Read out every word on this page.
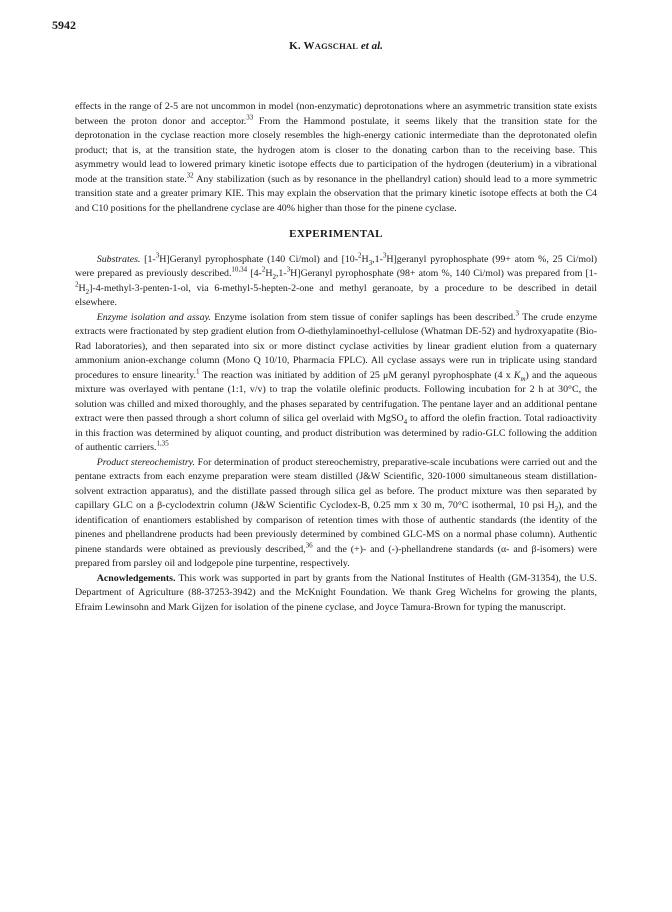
5942
K. WAGSCHAL et al.

effects in the range of 2-5 are not uncommon in model (non-enzymatic) deprotonations where an asymmetric transition state exists between the proton donor and acceptor.$^{33}$ From the Hammond postulate, it seems likely that the transition state for the deprotonation in the cyclase reaction more closely resembles the high-energy cationic intermediate than the deprotonated olefin product; that is, at the transition state, the hydrogen atom is closer to the donating carbon than to the receiving base. This asymmetry would lead to lowered primary kinetic isotope effects due to participation of the hydrogen (deuterium) in a vibrational mode at the transition state.$^{32}$ Any stabilization (such as by resonance in the phellandryl cation) should lead to a more symmetric transition state and a greater primary KIE. This may explain the observation that the primary kinetic isotope effects at both the C4 and C10 positions for the phellandrene cyclase are 40% higher than those for the pinene cyclase.

EXPERIMENTAL

Substrates. [1-$^3$H]Geranyl pyrophosphate (140 Ci/mol) and $[10-^2H_3,1-^3H]geranyl$ pyrophosphate (99+ atom %, 25 Ci/mol) were prepared as previously described.$^{10,34}$ $[4-^2H_2,1-^3H]Geranyl$ pyrophosphate (98+ atom %, 140 Ci/mol) was prepared from $[1-^2H_2]-4-methyl-3-penten-1-ol$, via 6-methyl-5-hepten-2-one and methyl geranoate, by a procedure to be described in detail elsewhere.

Enzyme isolation and assay. Enzyme isolation from stem tissue of conifer saplings has been described.$^3$ The crude enzyme extracts were fractionated by step gradient elution from O-diethylaminoethyl-cellulose (Whatman DE-52) and hydroxyapatite (Bio-Rad laboratories), and then separated into six or more distinct cyclase activities by linear gradient elution from a quaternary ammonium anion-exchange column (Mono Q 10/10, Pharmacia FPLC). All cyclase assays were run in triplicate using standard procedures to ensure linearity.$^1$ The reaction was initiated by addition of 25 μM geranyl pyrophosphate (4 x $K_m$) and the aqueous mixture was overlayed with pentane (1:1, v/v) to trap the volatile olefinic products. Following incubation for 2 h at 30°C, the solution was chilled and mixed thoroughly, and the phases separated by centrifugation. The pentane layer and an additional pentane extract were then passed through a short column of silica gel overlaid with MgSO$_4$ to afford the olefin fraction. Total radioactivity in this fraction was determined by aliquot counting, and product distribution was determined by radio-GLC following the addition of authentic carriers.$^{1,35}$

Product stereochemistry. For determination of product stereochemistry, preparative-scale incubations were carried out and the pentane extracts from each enzyme preparation were steam distilled (J&W Scientific, 320-1000 simultaneous steam distillation-solvent extraction apparatus), and the distillate passed through silica gel as before. The product mixture was then separated by capillary GLC on a β-cyclodextrin column (J&W Scientific Cyclodex-B, 0.25 mm x 30 m, 70°C isothermal, 10 psi $H_2$), and the identification of enantiomers established by comparison of retention times with those of authentic standards (the identity of the pinenes and phellandrene products had been previously determined by combined GLC-MS on a normal phase column). Authentic pinene standards were obtained as previously described,$^{36}$ and the (+)- and (-)-phellandrene standards (α- and β-isomers) were prepared from parsley oil and lodgepole pine turpentine, respectively.

Acnowledgements. This work was supported in part by grants from the National Institutes of Health (GM-31354), the U.S. Department of Agriculture (88-37253-3942) and the McKnight Foundation. We thank Greg Wichelns for growing the plants, Efraim Lewinsohn and Mark Gijzen for isolation of the pinene cyclase, and Joyce Tamura-Brown for typing the manuscript.
